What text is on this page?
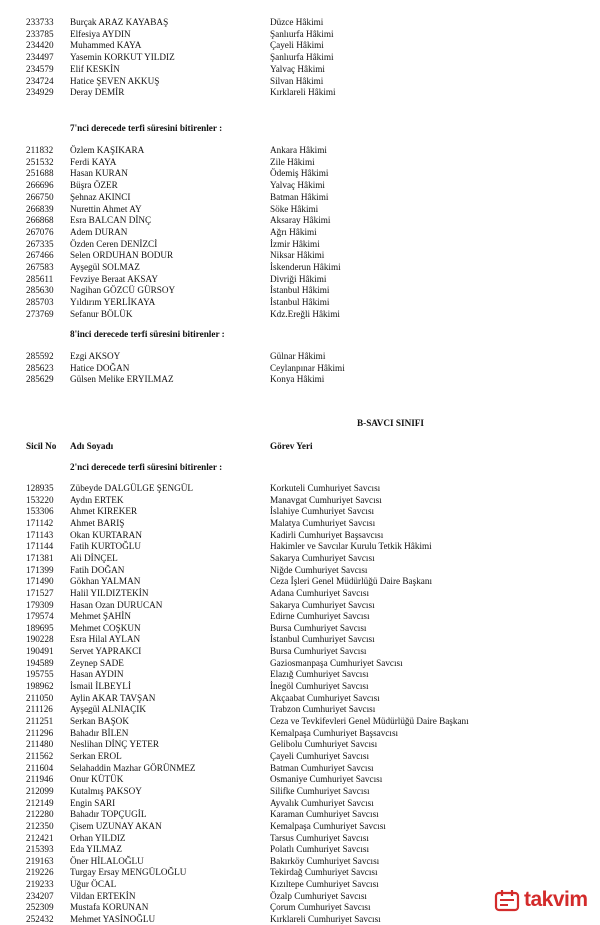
233733 Burçak ARAZ KAYABAŞ	Düzce Hâkimi
233785 Elfesiya AYDIN	Şanlıurfa Hâkimi
234420 Muhammed KAYA	Çayeli Hâkimi
234497 Yasemin KORKUT YILDIZ	Şanlıurfa Hâkimi
234579 Elif KESKİN	Yalvaç Hâkimi
234724 Hatice ŞEVEN AKKUŞ	Silvan Hâkimi
234929 Deray DEMİR	Kırklareli Hâkimi
7'nci derecede terfi süresini bitirenler :
211832 Özlem KAŞIKARA	Ankara Hâkimi
251532 Ferdi KAYA	Zile Hâkimi
251688 Hasan KURAN	Ödemiş Hâkimi
266696 Büşra ÖZER	Yalvaç Hâkimi
266750 Şehnaz AKINCI	Batman Hâkimi
266839 Nurettin Ahmet AY	Söke Hâkimi
266868 Esra BALCAN DİNÇ	Aksaray Hâkimi
267076 Adem DURAN	Ağrı Hâkimi
267335 Özden Ceren DENİZCİ	İzmir Hâkimi
267466 Selen ORDUHAN BODUR	Niksar Hâkimi
267583 Ayşegül SOLMAZ	İskenderun Hâkimi
285611 Fevziye Beraat AKSAY	Divriği Hâkimi
285630 Nagihan GÖZCÜ GÜRSOY	İstanbul Hâkimi
285703 Yıldırım YERLİKAYA	İstanbul Hâkimi
273769 Sefanur BÖLÜK	Kdz.Ereğli Hâkimi
8'inci derecede terfi süresini bitirenler :
285592 Ezgi AKSOY	Gülnar Hâkimi
285623 Hatice DOĞAN	Ceylanpınar Hâkimi
285629 Gülsen Melike ERYILMAZ	Konya Hâkimi
B-SAVCI SINIFI
Sicil No Adı Soyadı	Görev Yeri
2'nci derecede terfi süresini bitirenler :
128935 Zübeyde DALGÜLGE ŞENGÜL	Korkuteli Cumhuriyet Savcısı
153220 Aydın ERTEK	Manavgat Cumhuriyet Savcısı
153306 Ahmet KIREKER	İslahiye Cumhuriyet Savcısı
171142 Ahmet BARIŞ	Malatya Cumhuriyet Savcısı
171143 Okan KURTARAN	Kadirli Cumhuriyet Başsavcısı
171144 Fatih KURTOĞLU	Hakimler ve Savcılar Kurulu Tetkik Hâkimi
171381 Ali DİNÇEL	Sakarya Cumhuriyet Savcısı
171399 Fatih DOĞAN	Niğde Cumhuriyet Savcısı
171490 Gökhan YALMAN	Ceza İşleri Genel Müdürlüğü Daire Başkanı
171527 Halil YILDIZTEKİN	Adana Cumhuriyet Savcısı
179309 Hasan Ozan DURUCAN	Sakarya Cumhuriyet Savcısı
179574 Mehmet ŞAHİN	Edirne Cumhuriyet Savcısı
189695 Mehmet COŞKUN	Bursa Cumhuriyet Savcısı
190228 Esra Hilal AYLAN	İstanbul Cumhuriyet Savcısı
190491 Servet YAPRAKCI	Bursa Cumhuriyet Savcısı
194589 Zeynep SADE	Gaziosmanpaşa Cumhuriyet Savcısı
195755 Hasan AYDIN	Elazığ Cumhuriyet Savcısı
198962 İsmail İLBEYLİ	İnegöl Cumhuriyet Savcısı
211050 Aylin AKAR TAVŞAN	Akçaabat Cumhuriyet Savcısı
211126 Ayşegül ALNIAÇIK	Trabzon Cumhuriyet Savcısı
211251 Serkan BAŞOK	Ceza ve Tevkifevleri Genel Müdürlüğü Daire Başkanı
211296 Bahadır BİLEN	Kemalpaşa Cumhuriyet Başsavcısı
211480 Neslihan DİNÇ YETER	Gelibolu Cumhuriyet Savcısı
211562 Serkan EROL	Çayeli Cumhuriyet Savcısı
211604 Selahaddin Mazhar GÖRÜNMEZ	Batman Cumhuriyet Savcısı
211946 Onur KÜTÜK	Osmaniye Cumhuriyet Savcısı
212099 Kutalmış PAKSOY	Silifke Cumhuriyet Savcısı
212149 Engin SARI	Ayvalık Cumhuriyet Savcısı
212280 Bahadır TOPÇUGİL	Karaman Cumhuriyet Savcısı
212350 Çisem UZUNAY AKAN	Kemalpaşa Cumhuriyet Savcısı
212421 Orhan YILDIZ	Tarsus Cumhuriyet Savcısı
215393 Eda YILMAZ	Polatlı Cumhuriyet Savcısı
219163 Öner HİLALOĞLU	Bakırköy Cumhuriyet Savcısı
219226 Turgay Ersay MENGÜLOĞLU	Tekirdağ Cumhuriyet Savcısı
219233 Uğur ÖCAL	Kızıltepe Cumhuriyet Savcısı
234207 Vildan ERTEKİN	Özalp Cumhuriyet Savcısı
252309 Mustafa KORUNAN	Çorum Cumhuriyet Savcısı
252432 Mehmet YASİNOĞLU	Kırklareli Cumhuriyet Savcısı
takvim
